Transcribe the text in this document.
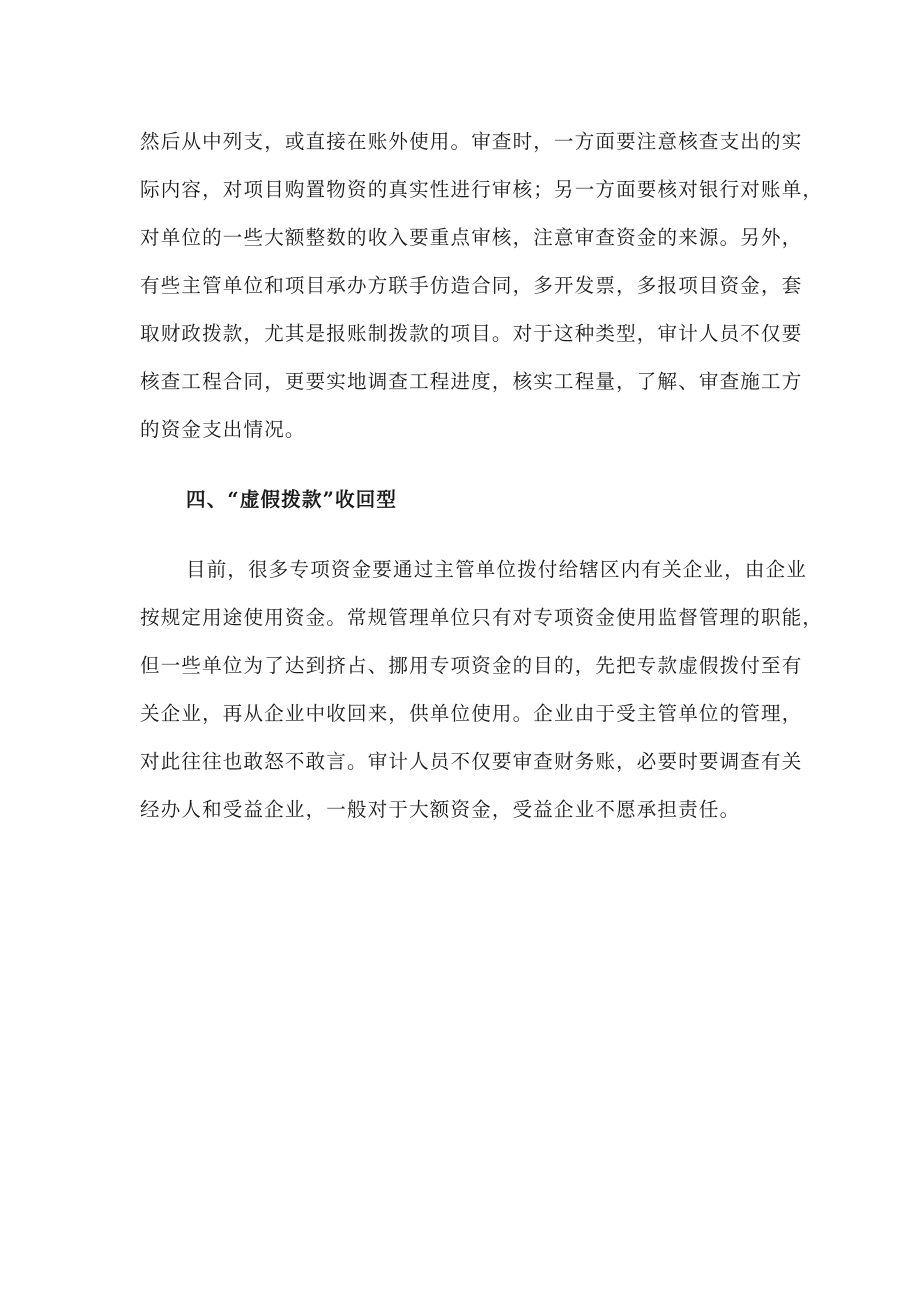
然后从中列支，或直接在账外使用。审查时，一方面要注意核查支出的实
际内容，对项目购置物资的真实性进行审核；另一方面要核对银行对账单，
对单位的一些大额整数的收入要重点审核，注意审查资金的来源。另外，
有些主管单位和项目承办方联手仿造合同，多开发票，多报项目资金，套
取财政拨款，尤其是报账制拨款的项目。对于这种类型，审计人员不仅要
核查工程合同，更要实地调查工程进度，核实工程量，了解、审查施工方
的资金支出情况。
四、“虚假拨款”收回型
目前，很多专项资金要通过主管单位拨付给辖区内有关企业，由企业
按规定用途使用资金。常规管理单位只有对专项资金使用监督管理的职能，
但一些单位为了达到挤占、挪用专项资金的目的，先把专款虚假拨付至有
关企业，再从企业中收回来，供单位使用。企业由于受主管单位的管理，
对此往往也敢怒不敢言。审计人员不仅要审查财务账，必要时要调查有关
经办人和受益企业，一般对于大额资金，受益企业不愿承担责任。
